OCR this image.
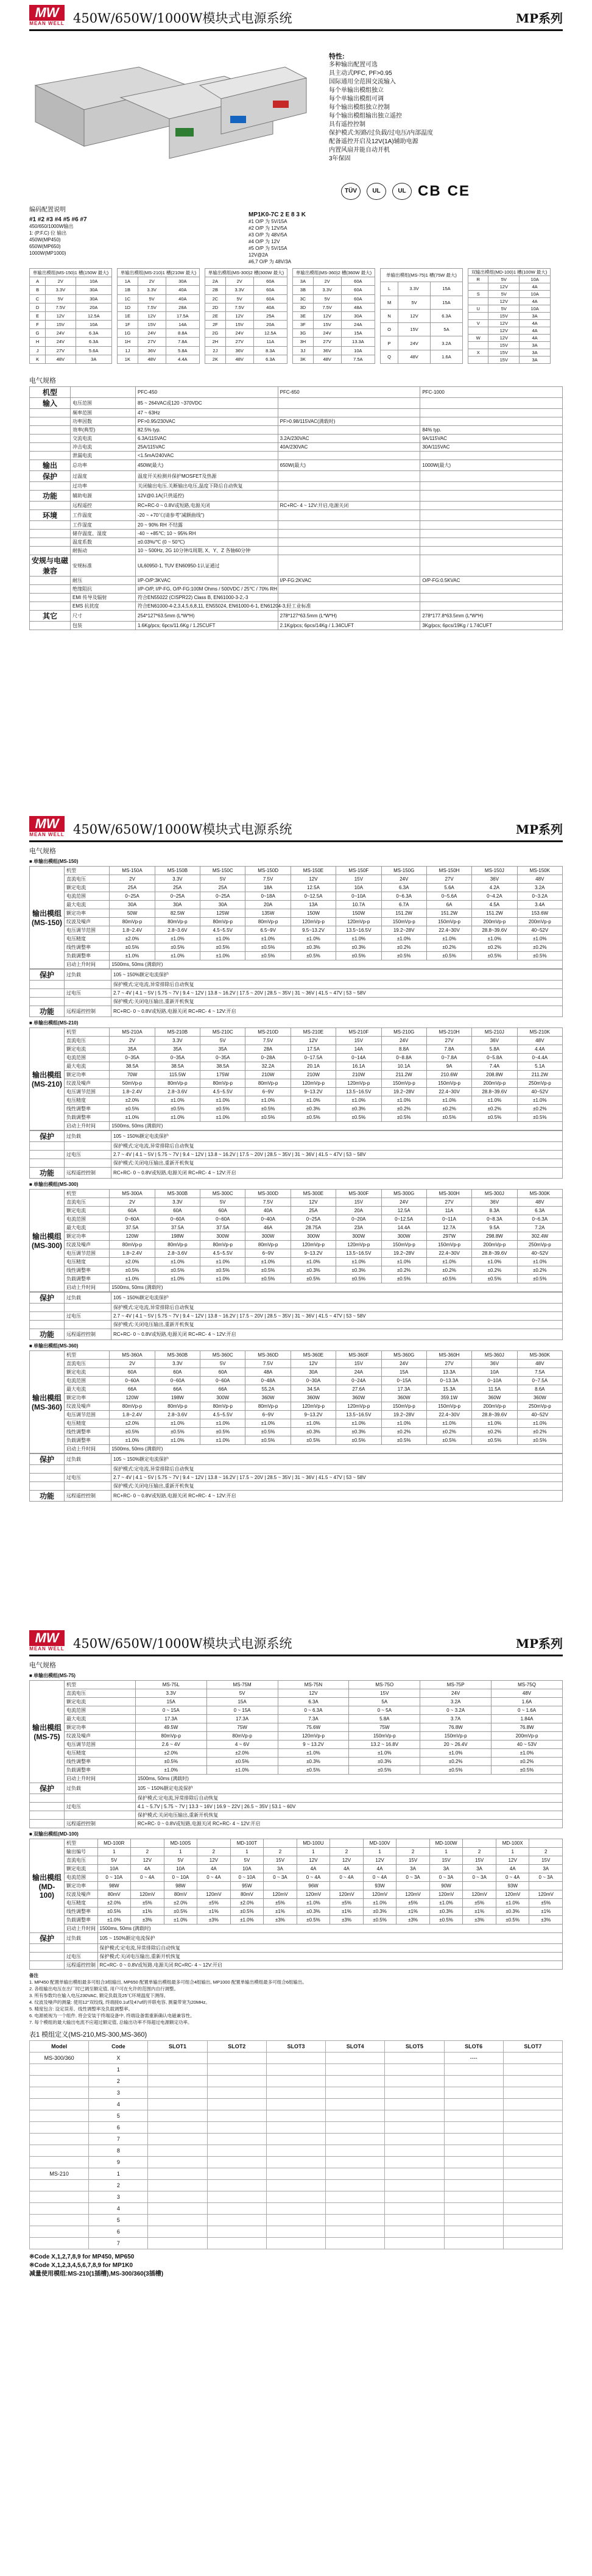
MW
MEAN WELL 450W/650W/1000W模块式电源系统	MP系列
特性:
多种输出配置可选
具主动式PFC, PF>0.95
国际通用全范围交流输入
每个单输出模组独立
每个单输出模组可调
每个输出模组独立控制
每个输出模组输出独立遥控
具有遥控控制
保护模式:短路/过负载/过电压/内部温度
配备遥控开启及12V(1A)辅助电源
内置风扇并能自动开机
3年保固
TÜV	UL	UL CB CE
编码配置说明
#1 #2 #3 #4 #5 #6 #7
450/650/1000W输出
1: (P.F.C) 位 输出
450W(MP450)
650W(MP650)
1000W(MP1000)
MP1K0-7C 2 E 8 3 K
#1 O/P 为 5V/15A
#2 O/P 为 12V/5A
#3 O/P 为 48V/5A
#4 O/P 为 12V
#5 O/P 为 5V/15A
12V@2A
#6,7 O/P 为 48V/3A
单输出模组(MS-150)1 槽(150W 最大)		
A	2V	10A
B	3.3V	30A
C	5V	30A
D	7.5V	20A
E	12V	12.5A
F	15V	10A
G	24V	6.3A
H	24V	6.3A
J	27V	5.6A
K	48V	3A
单输出模组(MS-210)1 槽(210W 最大)		
1A	2V	30A
1B	3.3V	40A
1C	5V	40A
1D	7.5V	28A
1E	12V	17.5A
1F	15V	14A
1G	24V	8.8A
1H	27V	7.8A
1J	36V	5.8A
1K	48V	4.4A
单输出模组(MS-300)2 槽(300W 最大)		
2A	2V	60A
2B	3.3V	60A
2C	5V	60A
2D	7.5V	40A
2E	12V	25A
2F	15V	20A
2G	24V	12.5A
2H	27V	11A
2J	36V	8.3A
2K	48V	6.3A
单输出模组(MS-360)2 槽(360W 最大)		
3A	2V	60A
3B	3.3V	60A
3C	5V	60A
3D	7.5V	48A
3E	12V	30A
3F	15V	24A
3G	24V	15A
3H	27V	13.3A
3J	36V	10A
3K	48V	7.5A
单输出模组(MS-75)1 槽(75W 最大)		
L	3.3V	15A
M	5V	15A
N	12V	6.3A
O	15V	5A
P	24V	3.2A
Q	48V	1.6A
双输出模组(MD-100)1 槽(100W 最大)		
R	5V	10A
	12V	4A
S	5V	10A
	12V	4A
U	5V	10A
	15V	3A
V	12V	4A
	12V	4A
W	12V	4A
	15V	3A
X	15V	3A
	15V	3A
电气规格
机型		PFC-450	PFC-650	PFC-1000
输入	电压范围	85 ~ 264VAC或120 ~370VDC		
	频率范围	47 ~ 63Hz		
	功率因数	PF>0.95/230VAC	PF>0.98/115VAC(满载时)	
	效率(典型)	82.5% typ.		84% typ.
	交流电流	6.3A/115VAC	3.2A/230VAC	9A/115VAC
	冲击电流	25A/115VAC	40A/230VAC	30A/115VAC
	泄漏电流	<1.5mA/240VAC		
输出	总功率	450W(最大)	650W(最大)	1000W(最大)
保护	过温度	温度开关检测并保护MOSFET及热源		
	过功率	关闭输出电压.关断输出电压,温度下降后自动恢复		
功能	辅助电源	12V@0.1A(只供遥控)		
	远程遥控	RC+RC-0 ~ 0.8V或短路,电源关闭	RC+RC- 4 ~ 12V:开启,电源关闭	
环境	工作温度	-20 ~ +70℃(请参考"减额曲线")		
	工作湿度	20 ~ 90% RH 不结露		
	储存温度、湿度	-40 ~ +85℃; 10 ~ 95% RH		
	温度系数	±0.03%/℃ (0 ~ 50℃)		
	耐振动	10 ~ 500Hz, 2G 10分钟/1周期, X、Y、Z 各轴60分钟		
安规与电磁兼容	安规标准	UL60950-1, TUV EN60950-1认证通过		
	耐压	I/P-O/P:3KVAC	I/P-FG:2KVAC	O/P-FG:0.5KVAC
	绝缘阻抗	I/P-O/P, I/P-FG, O/P-FG:100M Ohms / 500VDC / 25℃ / 70% RH		
	EMI 传导及辐射	符合EN55022 (CISPR22) Class B, EN61000-3-2,-3		
	EMS 抗扰度	符合EN61000-4-2,3,4,5,6,8,11, EN55024, EN61000-6-1, EN61204-3,轻工业标准		
其它	尺寸	254*127*63.5mm (L*W*H)	278*127*63.5mm (L*W*H)	278*177.8*63.5mm (L*W*H)
	包装	1.6Kg/pcs; 6pcs/11.6Kg / 1.25CUFT	2.1Kg/pcs; 6pcs/14Kg / 1.34CUFT	3Kg/pcs; 6pcs/19Kg / 1.74CUFT
MW
MEAN WELL 450W/650W/1000W模块式电源系统	MP系列
电气规格
■ 单输出模组(MS-150)
输出模组(MS-150)	机型	MS-150A	MS-150B	MS-150C	MS-150D	MS-150E	MS-150F	MS-150G	MS-150H	MS-150J	MS-150K
	直流电压	2V	3.3V	5V	7.5V	12V	15V	24V	27V	36V	48V
	额定电流	25A	25A	25A	18A	12.5A	10A	6.3A	5.6A	4.2A	3.2A
	电流范围	0~25A	0~25A	0~25A	0~18A	0~12.5A	0~10A	0~6.3A	0~5.6A	0~4.2A	0~3.2A
	最大电流	30A	30A	30A	20A	13A	10.7A	6.7A	6A	4.5A	3.4A
	额定功率	50W	82.5W	125W	135W	150W	150W	151.2W	151.2W	151.2W	153.6W
	纹波及噪声	80mVp-p	80mVp-p	80mVp-p	80mVp-p	120mVp-p	120mVp-p	150mVp-p	150mVp-p	200mVp-p	200mVp-p
	电压调节范围	1.8~2.4V	2.8~3.6V	4.5~5.5V	6.5~9V	9.5~13.2V	13.5~16.5V	19.2~28V	22.4~30V	28.8~39.6V	40~52V
	电压精度	±2.0%	±1.0%	±1.0%	±1.0%	±1.0%	±1.0%	±1.0%	±1.0%	±1.0%	±1.0%
	线性调整率	±0.5%	±0.5%	±0.5%	±0.5%	±0.3%	±0.3%	±0.2%	±0.2%	±0.2%	±0.2%
	负载调整率	±1.0%	±1.0%	±1.0%	±0.5%	±0.5%	±0.5%	±0.5%	±0.5%	±0.5%	±0.5%
	启动上升时间	1500ms, 50ms (满载时)									
保护	过负载	105 ~ 150%额定电流保护
		保护模式:定电流,异常排除后自动恢复
	过电压	2.7 ~ 4V | 4.1 ~ 5V | 5.75 ~ 7V | 9.4 ~ 12V | 13.8 ~ 16.2V | 17.5 ~ 20V | 28.5 ~ 35V | 31 ~ 36V | 41.5 ~ 47V | 53 ~ 58V
		保护模式:关闭电压输出,重新开机恢复
功能	远程遥控控制	RC+RC- 0 ~ 0.8V或短路,电源关闭 RC+RC- 4 ~ 12V:开启
■ 单输出模组(MS-210)
输出模组(MS-210)	机型	MS-210A	MS-210B	MS-210C	MS-210D	MS-210E	MS-210F	MS-210G	MS-210H	MS-210J	MS-210K
	直流电压	2V	3.3V	5V	7.5V	12V	15V	24V	27V	36V	48V
	额定电流	35A	35A	35A	28A	17.5A	14A	8.8A	7.8A	5.8A	4.4A
	电流范围	0~35A	0~35A	0~35A	0~28A	0~17.5A	0~14A	0~8.8A	0~7.8A	0~5.8A	0~4.4A
	最大电流	38.5A	38.5A	38.5A	32.2A	20.1A	16.1A	10.1A	9A	7.4A	5.1A
	额定功率	70W	115.5W	175W	210W	210W	210W	211.2W	210.6W	208.8W	211.2W
	纹波及噪声	50mVp-p	80mVp-p	80mVp-p	80mVp-p	120mVp-p	120mVp-p	150mVp-p	150mVp-p	200mVp-p	250mVp-p
	电压调节范围	1.8~2.4V	2.8~3.6V	4.5~5.5V	6~9V	9~13.2V	13.5~16.5V	19.2~28V	22.4~30V	28.8~39.6V	40~52V
	电压精度	±2.0%	±1.0%	±1.0%	±1.0%	±1.0%	±1.0%	±1.0%	±1.0%	±1.0%	±1.0%
	线性调整率	±0.5%	±0.5%	±0.5%	±0.5%	±0.3%	±0.3%	±0.2%	±0.2%	±0.2%	±0.2%
	负载调整率	±1.0%	±1.0%	±1.0%	±0.5%	±0.5%	±0.5%	±0.5%	±0.5%	±0.5%	±0.5%
	启动上升时间	1500ms, 50ms (满载时)									
保护	过负载	105 ~ 150%额定电流保护
		保护模式:定电流,异常排除后自动恢复
	过电压	2.7 ~ 4V | 4.1 ~ 5V | 5.75 ~ 7V | 9.4 ~ 12V | 13.8 ~ 16.2V | 17.5 ~ 20V | 28.5 ~ 35V | 31 ~ 36V | 41.5 ~ 47V | 53 ~ 58V
		保护模式:关闭电压输出,重新开机恢复
功能	远程遥控控制	RC+RC- 0 ~ 0.8V或短路,电源关闭 RC+RC- 4 ~ 12V:开启
■ 单输出模组(MS-300)
输出模组(MS-300)	机型	MS-300A	MS-300B	MS-300C	MS-300D	MS-300E	MS-300F	MS-300G	MS-300H	MS-300J	MS-300K
	直流电压	2V	3.3V	5V	7.5V	12V	15V	24V	27V	36V	48V
	额定电流	60A	60A	60A	40A	25A	20A	12.5A	11A	8.3A	6.3A
	电流范围	0~60A	0~60A	0~60A	0~40A	0~25A	0~20A	0~12.5A	0~11A	0~8.3A	0~6.3A
	最大电流	37.5A	37.5A	37.5A	46A	28.75A	23A	14.4A	12.7A	9.5A	7.2A
	额定功率	120W	198W	300W	300W	300W	300W	300W	297W	298.8W	302.4W
	纹波及噪声	80mVp-p	80mVp-p	80mVp-p	80mVp-p	120mVp-p	120mVp-p	150mVp-p	150mVp-p	200mVp-p	250mVp-p
	电压调节范围	1.8~2.4V	2.8~3.6V	4.5~5.5V	6~9V	9~13.2V	13.5~16.5V	19.2~28V	22.4~30V	28.8~39.6V	40~52V
	电压精度	±2.0%	±1.0%	±1.0%	±1.0%	±1.0%	±1.0%	±1.0%	±1.0%	±1.0%	±1.0%
	线性调整率	±0.5%	±0.5%	±0.5%	±0.5%	±0.3%	±0.3%	±0.2%	±0.2%	±0.2%	±0.2%
	负载调整率	±1.0%	±1.0%	±1.0%	±0.5%	±0.5%	±0.5%	±0.5%	±0.5%	±0.5%	±0.5%
	启动上升时间	1500ms, 50ms (满载时)									
保护	过负载	105 ~ 150%额定电流保护
		保护模式:定电流,异常排除后自动恢复
	过电压	2.7 ~ 4V | 4.1 ~ 5V | 5.75 ~ 7V | 9.4 ~ 12V | 13.8 ~ 16.2V | 17.5 ~ 20V | 28.5 ~ 35V | 31 ~ 36V | 41.5 ~ 47V | 53 ~ 58V
		保护模式:关闭电压输出,重新开机恢复
功能	远程遥控控制	RC+RC- 0 ~ 0.8V或短路,电源关闭 RC+RC- 4 ~ 12V:开启
■ 单输出模组(MS-360)
输出模组(MS-360)	机型	MS-360A	MS-360B	MS-360C	MS-360D	MS-360E	MS-360F	MS-360G	MS-360H	MS-360J	MS-360K
	直流电压	2V	3.3V	5V	7.5V	12V	15V	24V	27V	36V	48V
	额定电流	60A	60A	60A	48A	30A	24A	15A	13.3A	10A	7.5A
	电流范围	0~60A	0~60A	0~60A	0~48A	0~30A	0~24A	0~15A	0~13.3A	0~10A	0~7.5A
	最大电流	66A	66A	66A	55.2A	34.5A	27.6A	17.3A	15.3A	11.5A	8.6A
	额定功率	120W	198W	300W	360W	360W	360W	360W	359.1W	360W	360W
	纹波及噪声	80mVp-p	80mVp-p	80mVp-p	80mVp-p	120mVp-p	120mVp-p	150mVp-p	150mVp-p	200mVp-p	250mVp-p
	电压调节范围	1.8~2.4V	2.8~3.6V	4.5~5.5V	6~9V	9~13.2V	13.5~16.5V	19.2~28V	22.4~30V	28.8~39.6V	40~52V
	电压精度	±2.0%	±1.0%	±1.0%	±1.0%	±1.0%	±1.0%	±1.0%	±1.0%	±1.0%	±1.0%
	线性调整率	±0.5%	±0.5%	±0.5%	±0.5%	±0.3%	±0.3%	±0.2%	±0.2%	±0.2%	±0.2%
	负载调整率	±1.0%	±1.0%	±1.0%	±0.5%	±0.5%	±0.5%	±0.5%	±0.5%	±0.5%	±0.5%
	启动上升时间	1500ms, 50ms (满载时)									
保护	过负载	105 ~ 150%额定电流保护
		保护模式:定电流,异常排除后自动恢复
	过电压	2.7 ~ 4V | 4.1 ~ 5V | 5.75 ~ 7V | 9.4 ~ 12V | 13.8 ~ 16.2V | 17.5 ~ 20V | 28.5 ~ 35V | 31 ~ 36V | 41.5 ~ 47V | 53 ~ 58V
		保护模式:关闭电压输出,重新开机恢复
功能	远程遥控控制	RC+RC- 0 ~ 0.8V或短路,电源关闭 RC+RC- 4 ~ 12V:开启
MW
MEAN WELL 450W/650W/1000W模块式电源系统	MP系列
电气规格
■ 单输出模组(MS-75)
输出模组(MS-75)	机型	MS-75L	MS-75M	MS-75N	MS-75O	MS-75P	MS-75Q
	直流电压	3.3V	5V	12V	15V	24V	48V
	额定电流	15A	15A	6.3A	5A	3.2A	1.6A
	电流范围	0 ~ 15A	0 ~ 15A	0 ~ 6.3A	0 ~ 5A	0 ~ 3.2A	0 ~ 1.6A
	最大电流	17.3A	17.3A	7.3A	5.8A	3.7A	1.84A
	额定功率	49.5W	75W	75.6W	75W	76.8W	76.8W
	纹波及噪声	80mVp-p	80mVp-p	120mVp-p	150mVp-p	150mVp-p	200mVp-p
	电压调节范围	2.6 ~ 4V	4 ~ 6V	9 ~ 13.2V	13.2 ~ 16.8V	20 ~ 26.4V	40 ~ 53V
	电压精度	±2.0%	±2.0%	±1.0%	±1.0%	±1.0%	±1.0%
	线性调整率	±0.5%	±0.5%	±0.3%	±0.3%	±0.2%	±0.2%
	负载调整率	±1.0%	±1.0%	±0.5%	±0.5%	±0.5%	±0.5%
	启动上升时间	1500ms, 50ms (满载时)					
保护	过负载	105 ~ 150%额定电流保护					
		保护模式:定电流,异常排除后自动恢复					
	过电压	4.1 ~ 5.7V | 5.75 ~ 7V | 13.3 ~ 16V | 16.9 ~ 22V | 26.5 ~ 35V | 53.1 ~ 60V					
		保护模式:关闭电压输出,重新开机恢复					
	远程遥控控制	RC+RC- 0 ~ 0.8V或短路,电源关闭 RC+RC- 4 ~ 12V:开启					
■ 双输出模组(MD-100)
输出模组(MD-100)	机型	MD-100R		MD-100S		MD-100T		MD-100U		MD-100V		MD-100W		MD-100X	
	输出编号	1	2	1	2	1	2	1	2	1	2	1	2	1	2
	直流电压	5V	12V	5V	12V	5V	15V	12V	12V	12V	15V	15V	15V	12V	15V
	额定电流	10A	4A	10A	4A	10A	3A	4A	4A	4A	3A	3A	3A	4A	3A
	电流范围	0 ~ 10A	0 ~ 4A	0 ~ 10A	0 ~ 4A	0 ~ 10A	0 ~ 3A	0 ~ 4A	0 ~ 4A	0 ~ 4A	0 ~ 3A	0 ~ 3A	0 ~ 3A	0 ~ 4A	0 ~ 3A
	额定功率	98W		98W		95W		96W		93W		90W		93W	
	纹波及噪声	80mV	120mV	80mV	120mV	80mV	120mV	120mV	120mV	120mV	120mV	120mV	120mV	120mV	120mV
	电压精度	±2.0%	±5%	±2.0%	±5%	±2.0%	±5%	±1.0%	±5%	±1.0%	±5%	±1.0%	±5%	±1.0%	±5%
	线性调整率	±0.5%	±1%	±0.5%	±1%	±0.5%	±1%	±0.3%	±1%	±0.3%	±1%	±0.3%	±1%	±0.3%	±1%
	负载调整率	±1.0%	±3%	±1.0%	±3%	±1.0%	±3%	±0.5%	±3%	±0.5%	±3%	±0.5%	±3%	±0.5%	±3%
	启动上升时间	1500ms, 50ms (满载时)													
保护	过负载	105 ~ 150%额定电流保护													
		保护模式:定电流,异常排除后自动恢复													
	过电压	保护模式:关闭电压输出,重新开机恢复													
	远程遥控控制	RC+RC- 0 ~ 0.8V或短路,电源关闭 RC+RC- 4 ~ 12V:开启													
备注
1. MP450 配置单输出模组最多可组合3组输出, MP650 配置单输出模组最多可组合4组输出, MP1000 配置单输出模组最多可组合6组输出。
2. 各组输出电压在出厂时已调至额定值, 用户可在允许的范围内自行调整。
3. 所有参数均在输入电压230VAC, 额定负载及25℃环境温度下测得。
4. 纹波及噪声的测量: 使用12"双绞线, 终端接0.1uf及47uf的并联电容, 测量带宽为20MHz。
5. 精度包含: 设定误差、线性调整率及负载调整率。
6. 电源被视为一个组件, 将会安装于终端设备中, 终端设备需重新确认电磁兼容性。
7. 每个模组的最大输出电流不应超过额定值, 总输出功率不得超过电源额定功率。
表1 模组定义(MS-210,MS-300,MS-360)
Model	Code	SLOT1	SLOT2	SLOT3	SLOT4	SLOT5	SLOT6	SLOT7
MS-300/360	X						----	
	1							
	2							
	3							
	4							
	5							
	6							
	7							
	8							
	9							
MS-210	1							
	2							
	3							
	4							
	5							
	6							
	7							
※Code X,1,2,7,8,9 for MP450, MP650
※Code X,1,2,3,4,5,6,7,8,9 for MP1K0
减量使用模组:MS-210(1插槽),MS-300/360(3插槽)
